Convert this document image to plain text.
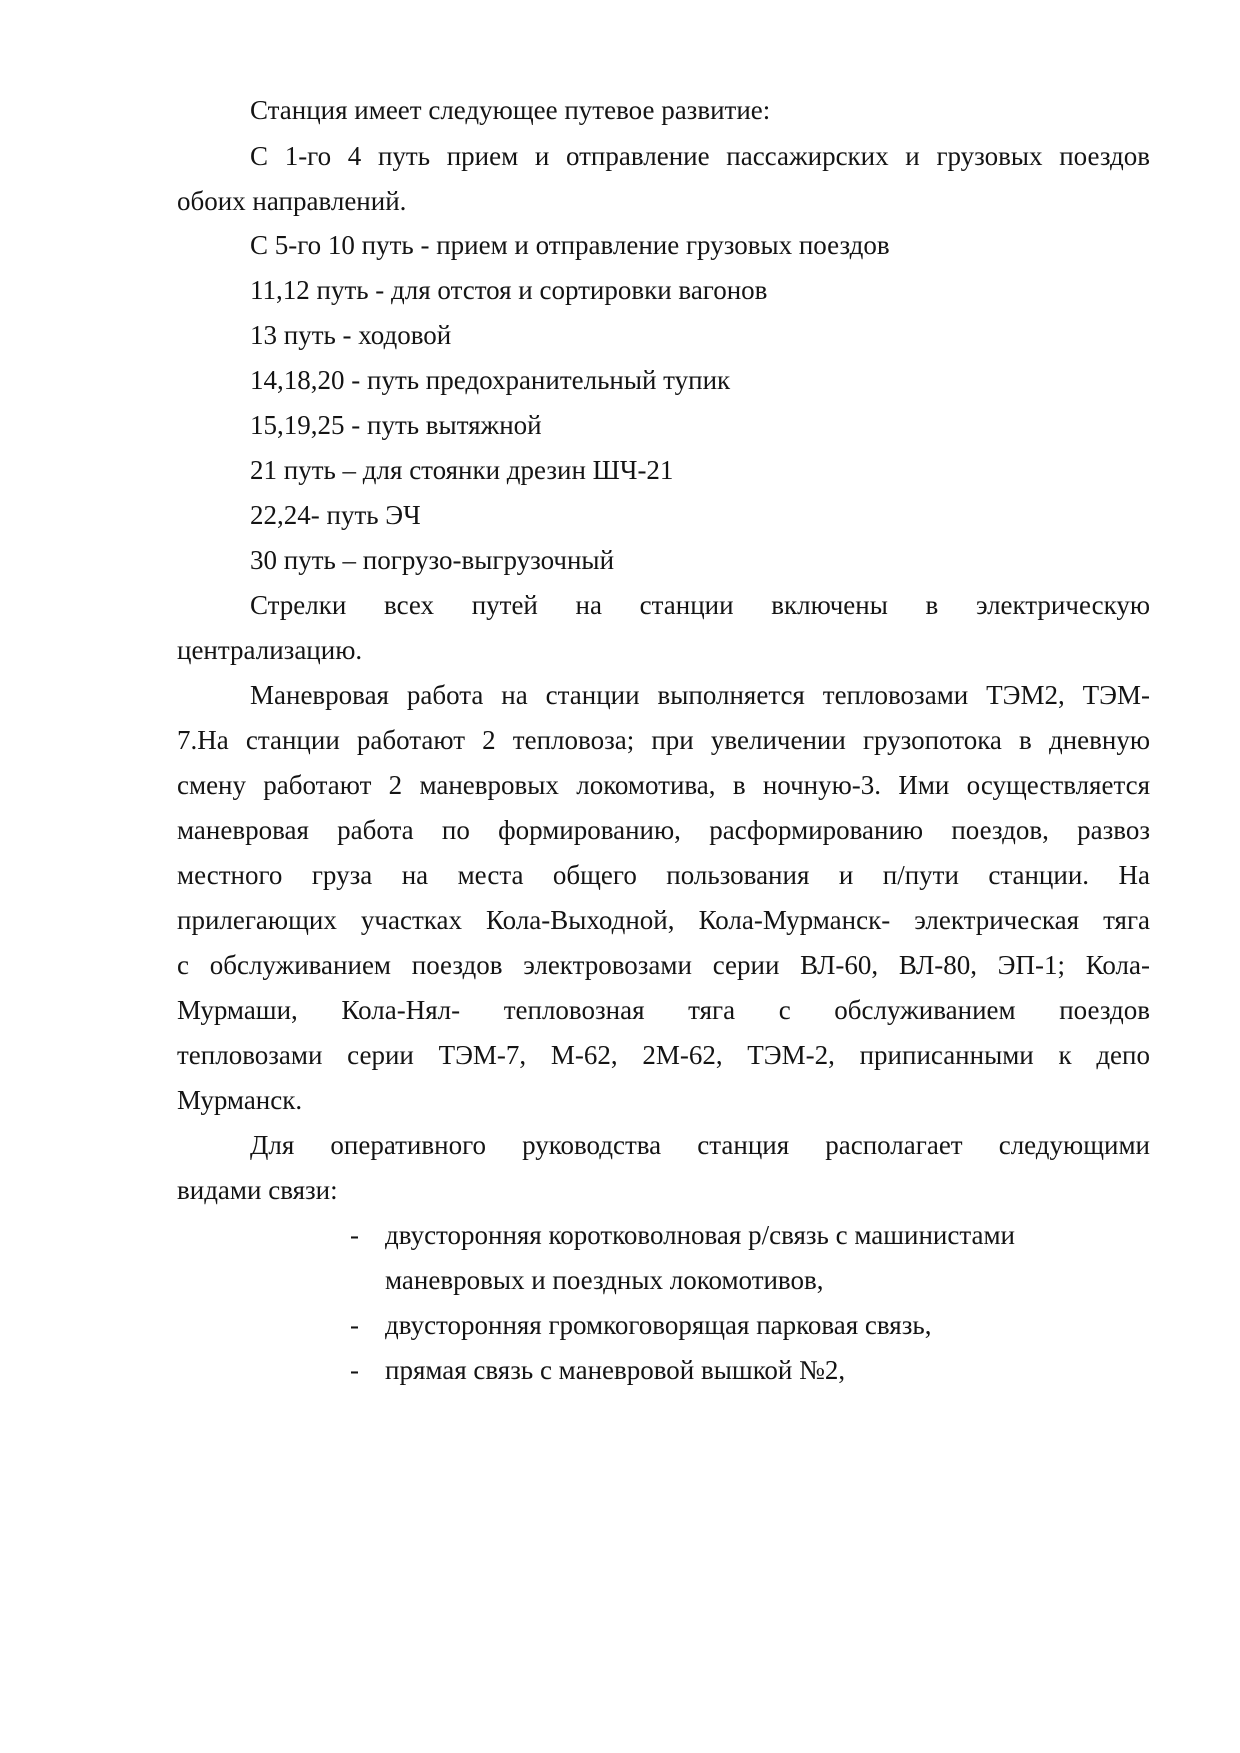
Станция имеет следующее путевое развитие:
С 1-го 4 путь прием и отправление пассажирских и грузовых поездов
обоих направлений.
С 5-го 10 путь - прием и отправление грузовых поездов
11,12 путь - для отстоя и сортировки вагонов
13 путь - ходовой
14,18,20 - путь предохранительный тупик
15,19,25 - путь вытяжной
21 путь – для стоянки дрезин ШЧ-21
22,24- путь ЭЧ
30 путь – погрузо-выгрузочный
Стрелки всех путей на станции включены в электрическую
централизацию.
Маневровая работа на станции выполняется тепловозами ТЭМ2, ТЭМ-
7.На станции работают 2 тепловоза; при увеличении грузопотока в дневную
смену работают 2 маневровых локомотива, в ночную-3. Ими осуществляется
маневровая работа по формированию, расформированию поездов, развоз
местного груза на места общего пользования и п/пути станции. На
прилегающих участках Кола-Выходной, Кола-Мурманск- электрическая тяга
с обслуживанием поездов электровозами серии ВЛ-60, ВЛ-80, ЭП-1; Кола-
Мурмаши, Кола-Нял- тепловозная тяга с обслуживанием поездов
тепловозами серии ТЭМ-7, М-62, 2М-62, ТЭМ-2, приписанными к депо
Мурманск.
Для оперативного руководства станция располагает следующими
видами связи:
- двусторонняя коротковолновая р/связь с машинистами
маневровых и поездных локомотивов,
- двусторонняя громкоговорящая парковая связь,
- прямая связь с маневровой вышкой №2,
